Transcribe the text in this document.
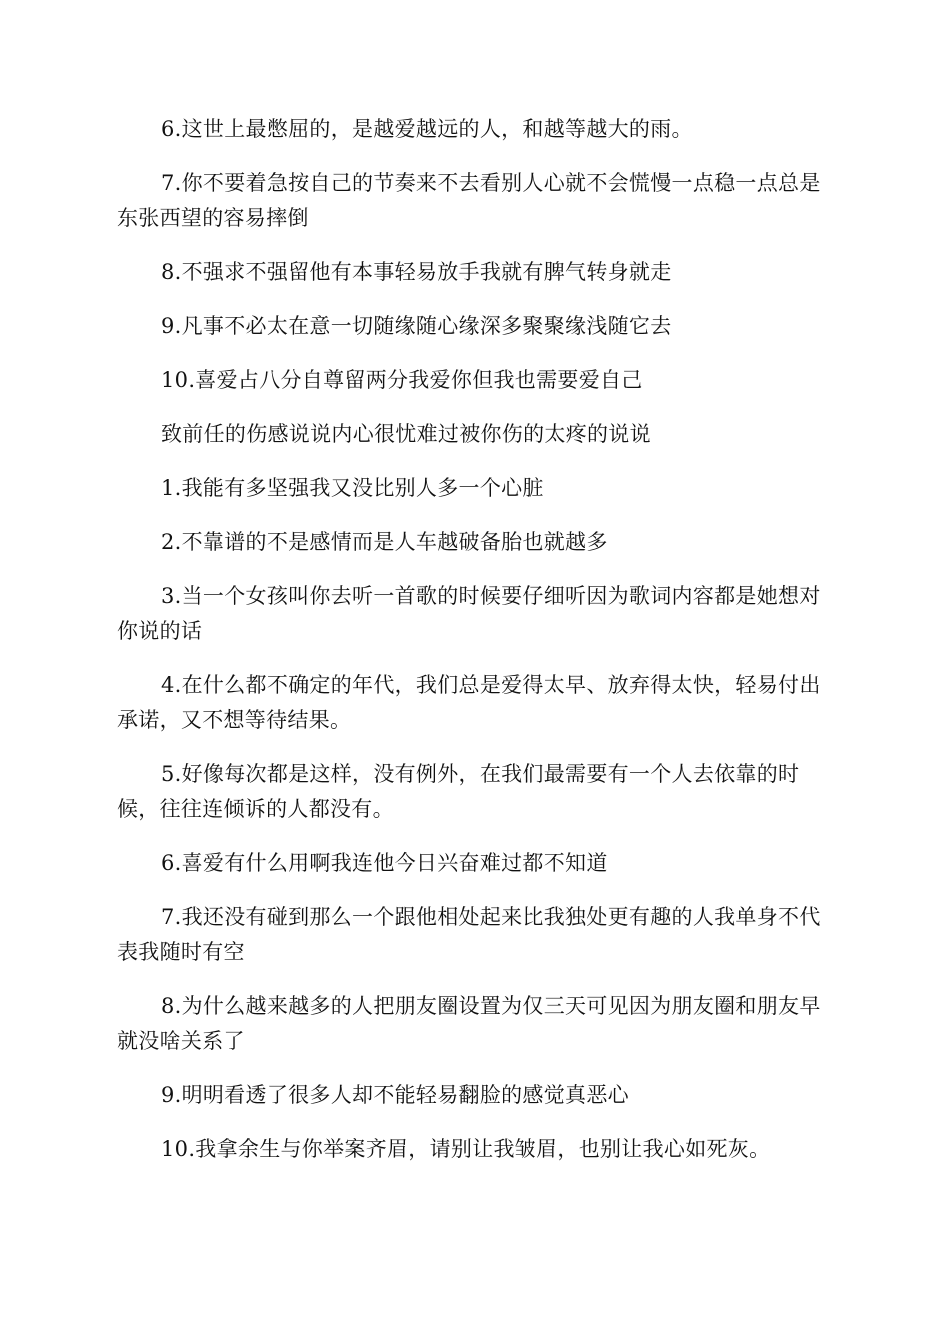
6.这世上最憋屈的，是越爱越远的人，和越等越大的雨。

7.你不要着急按自己的节奏来不去看别人心就不会慌慢一点稳一点总是东张西望的容易摔倒

8.不强求不强留他有本事轻易放手我就有脾气转身就走

9.凡事不必太在意一切随缘随心缘深多聚聚缘浅随它去

10.喜爱占八分自尊留两分我爱你但我也需要爱自己

致前任的伤感说说内心很忧难过被你伤的太疼的说说

1.我能有多坚强我又没比别人多一个心脏

2.不靠谱的不是感情而是人车越破备胎也就越多

3.当一个女孩叫你去听一首歌的时候要仔细听因为歌词内容都是她想对你说的话

4.在什么都不确定的年代，我们总是爱得太早、放弃得太快，轻易付出承诺，又不想等待结果。

5.好像每次都是这样，没有例外，在我们最需要有一个人去依靠的时候，往往连倾诉的人都没有。

6.喜爱有什么用啊我连他今日兴奋难过都不知道

7.我还没有碰到那么一个跟他相处起来比我独处更有趣的人我单身不代表我随时有空

8.为什么越来越多的人把朋友圈设置为仅三天可见因为朋友圈和朋友早就没啥关系了

9.明明看透了很多人却不能轻易翻脸的感觉真恶心

10.我拿余生与你举案齐眉，请别让我皱眉，也别让我心如死灰。
